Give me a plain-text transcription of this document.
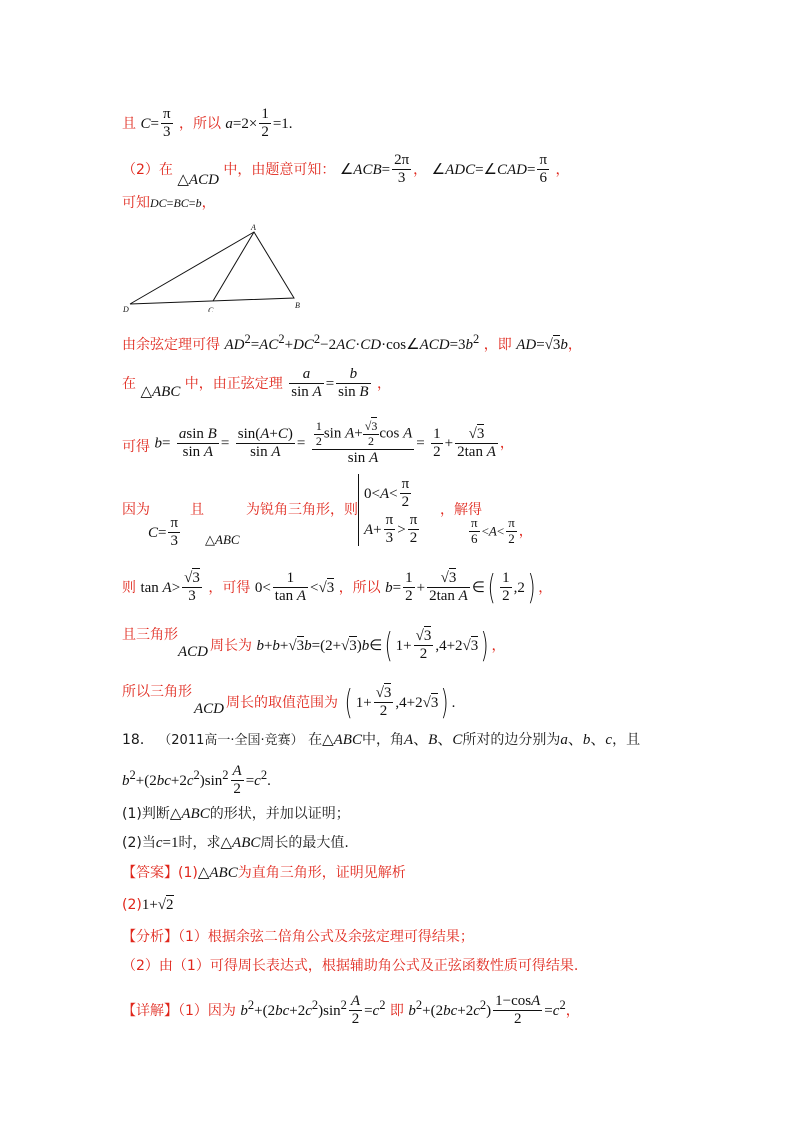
且 $C= \frac{\pi}{3}$ ，所以 $a=2\times \frac{1}{2} =1$.
（2）在 △ACD 中，由题意可知： ∠ACB= $\frac{2\pi}{3}$ ， ∠ADC=∠CAD= $\frac{\pi}{6}$ ，
可知DC=BC=b，
A
D	C
B
由余弦定理可得 $AD^2=AC^2+DC^2-2AC\cdot CD\cdot\cos\angle ACD=3b^2$ ，即 AD=√3b，
在 △ABC 中，由正弦定理 $\frac{a}{\text{sin A}} = \frac{b}{\text{sin B}}$ ，
可得 $b= \frac{\text{asin B}}{\text{sin A}} = \frac{\sin(A+C)}{\text{sin A}} = \frac{\frac{1}{2} \sin A+ \frac{√3}{2} \cos A}{\text{sin A}} = \frac{1}{2} + \frac{√3}{\text{2tan A}}$ ，
因为
$C= \frac{\pi}{3}$
且
△ABC
为锐角三角形，则
$0<A< \frac{\pi}{2}$
$A+ \frac{\pi}{3} > \frac{\pi}{2}$
，解得
$\frac{\pi}{6} <A< \frac{\pi}{2}$ ，
则 $\tan A> \frac{√3}{3}$ ，可得 $0< \frac{1}{\text{tan A}} <√3$ ，所以 $b= \frac{1}{2} + \frac{√3}{\text{2tan A}}$ ∈( $\frac{1}{2} ,2$) ，
且三角形
ACD 周长为 b+b+√3b=(2+√3)b∈( $1+ \frac{√3}{2} ,4+2√3$) ，
所以三角形
ACD 周长的取值范围为 ( $1+ \frac{√3}{2} ,4+2√3$) .
18． （2011高一·全国·竞赛） 在△ABC中，角A、B、C所对的边分别为a、b、c，且
$b^2+(2bc+2c^2)\sin^2 \frac{A}{2} =c^2$.
(1)判断△ABC的形状，并加以证明；
(2)当c=1时，求△ABC周长的最大值.
【答案】(1)△ABC为直角三角形，证明见解析
(2)1+√2
【分析】（1）根据余弦二倍角公式及余弦定理可得结果；
（2）由（1）可得周长表达式，根据辅助角公式及正弦函数性质可得结果.
【详解】（1）因为 $b^2+(2bc+2c^2)\sin^2 \frac{A}{2} =c^2$ 即 $b^2+(2bc+2c^2) \frac{1-\cos A}{2} =c^2$，
